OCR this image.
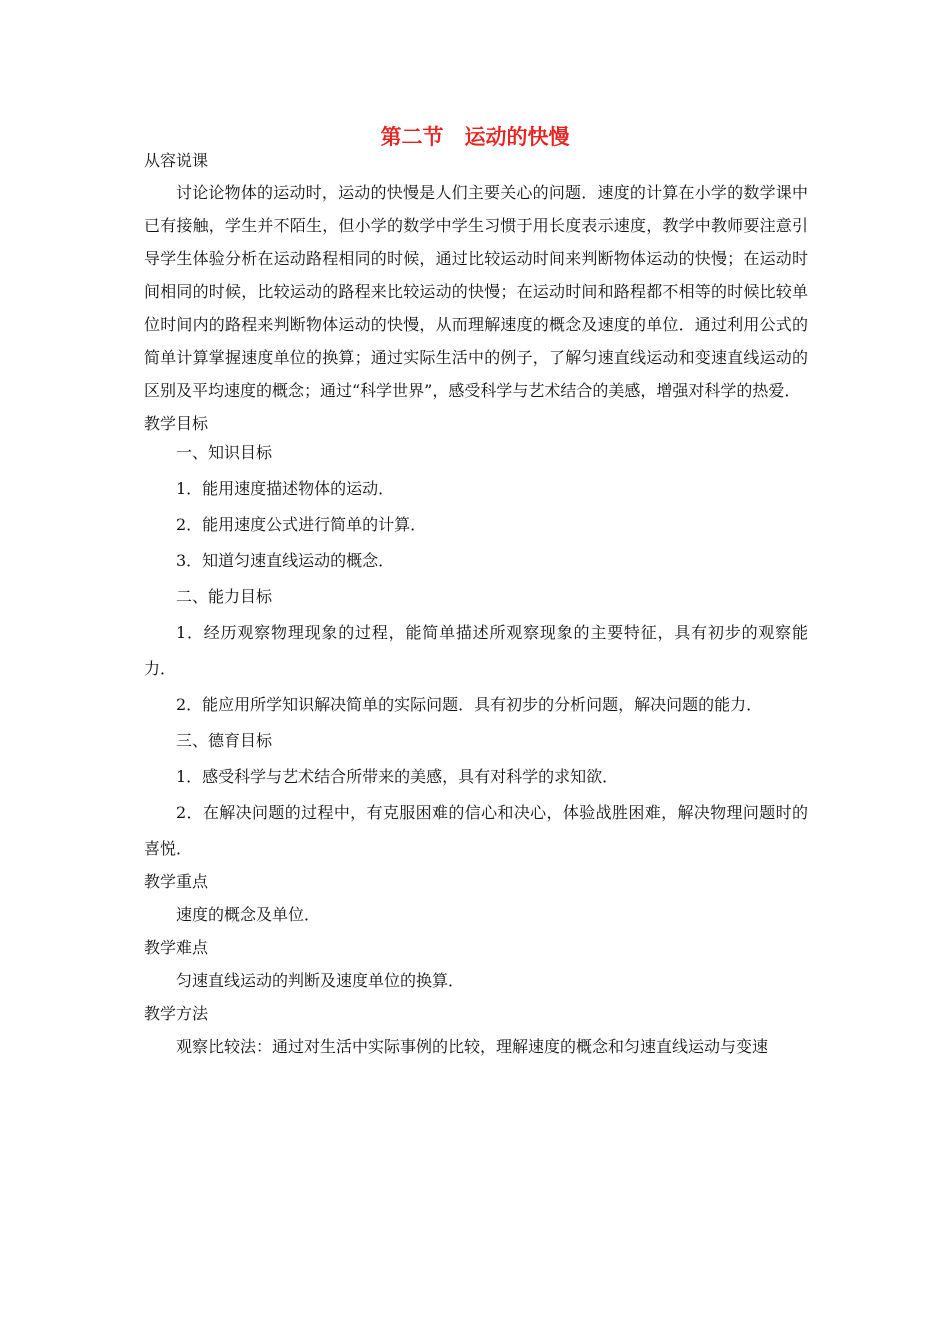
第二节　运动的快慢
从容说课

讨论论物体的运动时，运动的快慢是人们主要关心的问题．速度的计算在小学的数学课中已有接触，学生并不陌生，但小学的数学中学生习惯于用长度表示速度，教学中教师要注意引导学生体验分析在运动路程相同的时候，通过比较运动时间来判断物体运动的快慢；在运动时间相同的时候，比较运动的路程来比较运动的快慢；在运动时间和路程都不相等的时候比较单位时间内的路程来判断物体运动的快慢，从而理解速度的概念及速度的单位．通过利用公式的简单计算掌握速度单位的换算；通过实际生活中的例子，了解匀速直线运动和变速直线运动的区别及平均速度的概念；通过“科学世界”，感受科学与艺术结合的美感，增强对科学的热爱．

教学目标

一、知识目标

1．能用速度描述物体的运动．

2．能用速度公式进行简单的计算．

3．知道匀速直线运动的概念．

二、能力目标

1．经历观察物理现象的过程，能简单描述所观察现象的主要特征，具有初步的观察能力．

2．能应用所学知识解决简单的实际问题．具有初步的分析问题，解决问题的能力．

三、德育目标

1．感受科学与艺术结合所带来的美感，具有对科学的求知欲．

2．在解决问题的过程中，有克服困难的信心和决心，体验战胜困难，解决物理问题时的喜悦．

教学重点

速度的概念及单位．

教学难点

匀速直线运动的判断及速度单位的换算．

教学方法

观察比较法：通过对生活中实际事例的比较，理解速度的概念和匀速直线运动与变速
